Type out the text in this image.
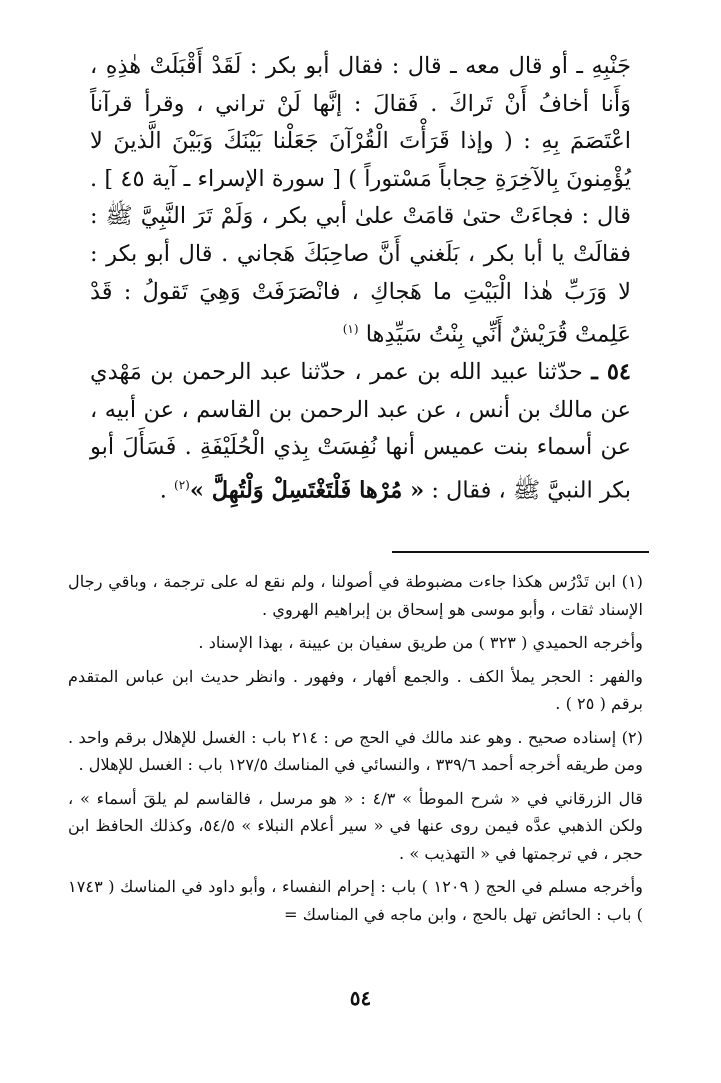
جَنْبِهِ ـ أو قال معه ـ قال : فقال أبو بكر : لَقَدْ أَقْبَلَتْ هٰذِهِ ، وَأَنا أخافُ أَنْ تَراكَ . فَقالَ : إنَّها لَنْ تراني ، وقرأ قرآناً اعْتَصَمَ بِهِ : ( وإذا قَرَأْتَ الْقُرْآنَ جَعَلْنا بَيْنَكَ وَبَيْنَ الَّذينَ لا يُؤْمِنونَ بِالآخِرَةِ حِجاباً مَسْتوراً ) [ سورة الإسراء ـ آية ٤٥ ] . قال : فجاءَتْ حتىٰ قامَتْ علىٰ أبي بكر ، وَلَمْ تَرَ النَّبِيَّ ﷺ : فقالَتْ يا أبا بكر ، بَلَغني أَنَّ صاحِبَكَ هَجاني . قال أبو بكر : لا وَرَبِّ هٰذا الْبَيْتِ ما هَجاكِ ، فانْصَرَفَتْ وَهِيَ تَقولُ : قَدْ عَلِمتْ قُرَيْشٌ أَنِّي بِنْتُ سَيِّدِها $^{(١)}$
٥٤ ـ حدّثنا عبيد الله بن عمر ، حدّثنا عبد الرحمن بن مَهْدي عن مالك بن أنس ، عن عبد الرحمن بن القاسم ، عن أبيه ، عن أسماء بنت عميس أنها نُفِسَتْ بِذي الْحُلَيْفَةِ . فَسَأَلَ أبو بكر النبيَّ ﷺ ، فقال : « مُرْها فَلْتَغْتَسِلْ وَلْتُهِلَّ »$^{(٢)}$ .
(١) ابن تَدْرُس هكذا جاءت مضبوطة في أصولنا ، ولم نقع له على ترجمة ، وباقي رجال الإسناد ثقات ، وأبو موسى هو إسحاق بن إبراهيم الهروي .
وأخرجه الحميدي ( ٣٢٣ ) من طريق سفيان بن عيينة ، بهذا الإسناد .
والفهر : الحجر يملأ الكف . والجمع أفهار ، وفهور . وانظر حديث ابن عباس المتقدم برقم ( ٢٥ ) .
(٢) إسناده صحيح . وهو عند مالك في الحج ص : ٢١٤ باب : الغسل للإهلال برقم واحد . ومن طريقه أخرجه أحمد ٣٣٩/٦ ، والنسائي في المناسك ١٢٧/٥ باب : الغسل للإهلال .
قال الزرقاني في « شرح الموطأ » ٤/٣ : « هو مرسل ، فالقاسم لم يلقَ أسماء » ، ولكن الذهبي عدَّه فيمن روى عنها في « سير أعلام النبلاء » ٥٤/٥، وكذلك الحافظ ابن حجر ، في ترجمتها في « التهذيب » .
وأخرجه مسلم في الحج ( ١٢٠٩ ) باب : إحرام النفساء ، وأبو داود في المناسك ( ١٧٤٣ ) باب : الحائض تهل بالحج ، وابن ماجه في المناسك =
٥٤
